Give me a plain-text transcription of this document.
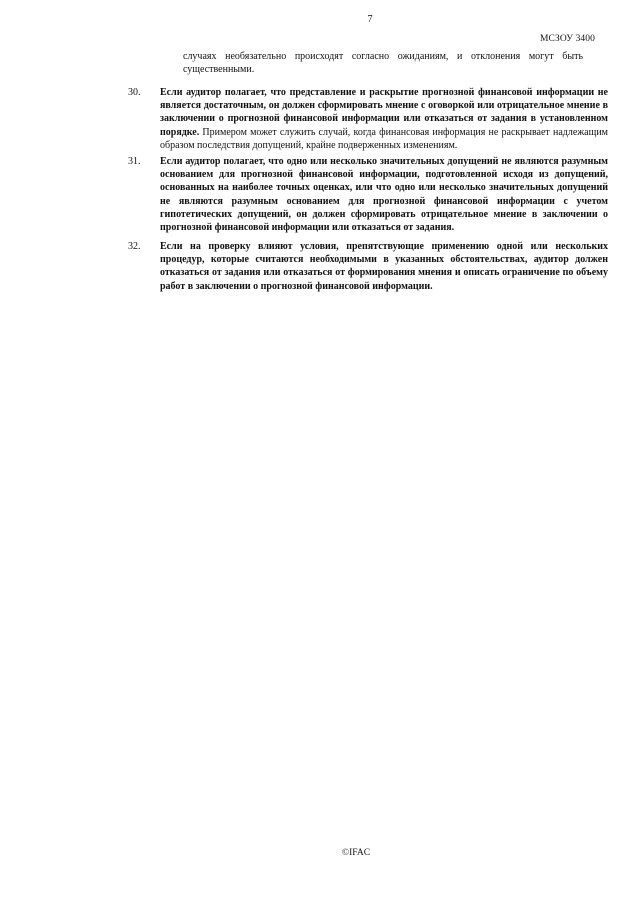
7
МСЗОУ 3400
случаях необязательно происходят согласно ожиданиям, и отклонения могут быть существенными.
30.	Если аудитор полагает, что представление и раскрытие прогнозной финансовой информации не является достаточным, он должен сформировать мнение с оговоркой или отрицательное мнение в заключении о прогнозной финансовой информации или отказаться от задания в установленном порядке. Примером может служить случай, когда финансовая информация не раскрывает надлежащим образом последствия допущений, крайне подверженных изменениям.
31.	Если аудитор полагает, что одно или несколько значительных допущений не являются разумным основанием для прогнозной финансовой информации, подготовленной исходя из допущений, основанных на наиболее точных оценках, или что одно или несколько значительных допущений не являются разумным основанием для прогнозной финансовой информации с учетом гипотетических допущений, он должен сформировать отрицательное мнение в заключении о прогнозной финансовой информации или отказаться от задания.
32.	Если на проверку влияют условия, препятствующие применению одной или нескольких процедур, которые считаются необходимыми в указанных обстоятельствах, аудитор должен отказаться от задания или отказаться от формирования мнения и описать ограничение по объему работ в заключении о прогнозной финансовой информации.
©IFAC
